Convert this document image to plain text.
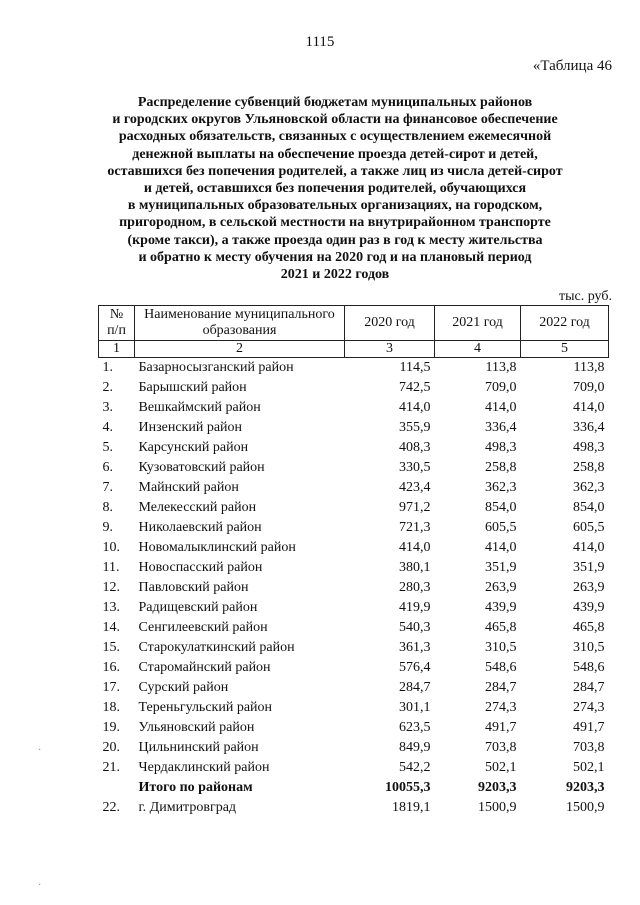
1115
«Таблица 46
Распределение субвенций бюджетам муниципальных районов
и городских округов Ульяновской области на финансовое обеспечение
расходных обязательств, связанных с осуществлением ежемесячной
денежной выплаты на обеспечение проезда детей-сирот и детей,
оставшихся без попечения родителей, а также лиц из числа детей-сирот
и детей, оставшихся без попечения родителей, обучающихся
в муниципальных образовательных организациях, на городском,
пригородном, в сельской местности на внутрирайонном транспорте
(кроме такси), а также проезда один раз в год к месту жительства
и обратно к месту обучения на 2020 год и на плановый период
2021 и 2022 годов
тыс. руб.
№ п/п	Наименование муниципального образования	2020 год	2021 год	2022 год
1	2	3	4	5
1.	Базарносызганский район	114,5	113,8	113,8
2.	Барышский район	742,5	709,0	709,0
3.	Вешкаймский район	414,0	414,0	414,0
4.	Инзенский район	355,9	336,4	336,4
5.	Карсунский район	408,3	498,3	498,3
6.	Кузоватовский район	330,5	258,8	258,8
7.	Майнский район	423,4	362,3	362,3
8.	Мелекесский район	971,2	854,0	854,0
9.	Николаевский район	721,3	605,5	605,5
10.	Новомалыклинский район	414,0	414,0	414,0
11.	Новоспасский район	380,1	351,9	351,9
12.	Павловский район	280,3	263,9	263,9
13.	Радищевский район	419,9	439,9	439,9
14.	Сенгилеевский район	540,3	465,8	465,8
15.	Старокулаткинский район	361,3	310,5	310,5
16.	Старомайнский район	576,4	548,6	548,6
17.	Сурский район	284,7	284,7	284,7
18.	Тереньгульский район	301,1	274,3	274,3
19.	Ульяновский район	623,5	491,7	491,7
20.	Цильнинский район	849,9	703,8	703,8
21.	Чердаклинский район	542,2	502,1	502,1
	Итого по районам	10055,3	9203,3	9203,3
22.	г. Димитровград	1819,1	1500,9	1500,9
·
·
